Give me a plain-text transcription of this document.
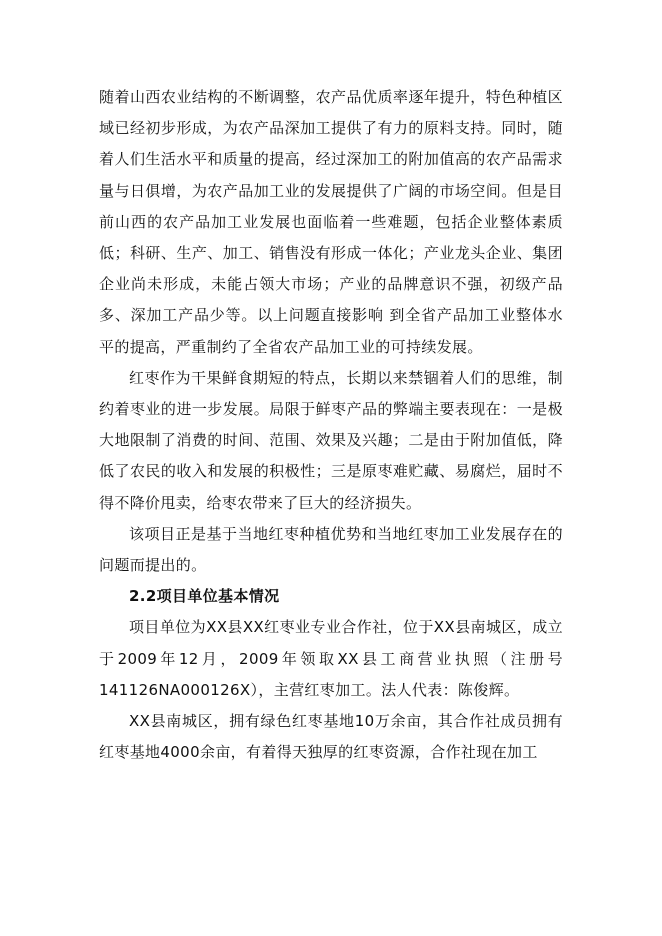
随着山西农业结构的不断调整，农产品优质率逐年提升，特色种植区域已经初步形成，为农产品深加工提供了有力的原料支持。同时，随着人们生活水平和质量的提高，经过深加工的附加值高的农产品需求量与日俱增，为农产品加工业的发展提供了广阔的市场空间。但是目前山西的农产品加工业发展也面临着一些难题，包括企业整体素质低；科研、生产、加工、销售没有形成一体化；产业龙头企业、集团企业尚未形成，未能占领大市场；产业的品牌意识不强，初级产品多、深加工产品少等。以上问题直接影响 到全省产品加工业整体水平的提高，严重制约了全省农产品加工业的可持续发展。

红枣作为干果鲜食期短的特点，长期以来禁锢着人们的思维，制约着枣业的进一步发展。局限于鲜枣产品的弊端主要表现在：一是极大地限制了消费的时间、范围、效果及兴趣；二是由于附加值低，降低了农民的收入和发展的积极性；三是原枣难贮藏、易腐烂，届时不得不降价甩卖，给枣农带来了巨大的经济损失。

该项目正是基于当地红枣种植优势和当地红枣加工业发展存在的问题而提出的。

2.2项目单位基本情况

项目单位为XX县XX红枣业专业合作社，位于XX县南城区，成立于2009年12月，2009年领取XX县工商营业执照（注册号141126NA000126X），主营红枣加工。法人代表：陈俊辉。

XX县南城区，拥有绿色红枣基地10万余亩，其合作社成员拥有红枣基地4000余亩，有着得天独厚的红枣资源，合作社现在加工
